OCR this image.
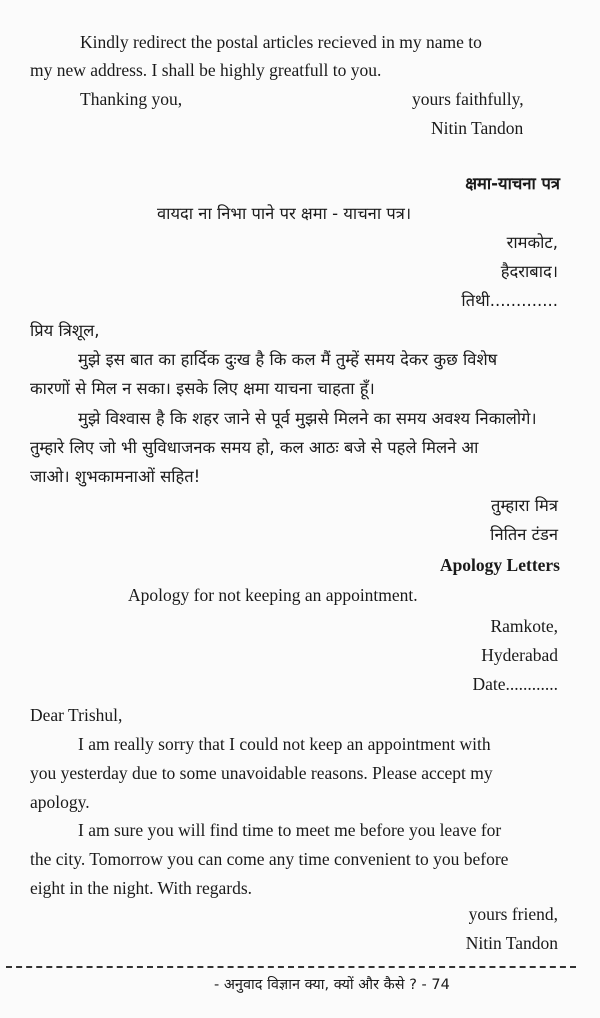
Kindly redirect the postal articles recieved in my name to
my new address. I shall be highly greatfull to you.
Thanking you,	yours faithfully,
Nitin Tandon
क्षमा-याचना पत्र
वायदा ना निभा पाने पर क्षमा - याचना पत्र।
रामकोट,
हैदराबाद।
तिथी.............
प्रिय त्रिशूल,
मुझे इस बात का हार्दिक दुःख है कि कल मैं तुम्हें समय देकर कुछ विशेष
कारणों से मिल न सका। इसके लिए क्षमा याचना चाहता हूँ।
मुझे विश्वास है कि शहर जाने से पूर्व मुझसे मिलने का समय अवश्य निकालोगे।
तुम्हारे लिए जो भी सुविधाजनक समय हो, कल आठः बजे से पहले मिलने आ
जाओ। शुभकामनाओं सहित!
तुम्हारा मित्र
नितिन टंडन
Apology Letters
Apology for not keeping an appointment.
Ramkote,
Hyderabad
Date............
Dear Trishul,
I am really sorry that I could not keep an appointment with
you yesterday due to some unavoidable reasons. Please accept my
apology.
I am sure you will find time to meet me before you leave for
the city. Tomorrow you can come any time convenient to you before
eight in the night. With regards.
yours friend,
Nitin Tandon
- अनुवाद विज्ञान क्या, क्यों और कैसे ? - 74
